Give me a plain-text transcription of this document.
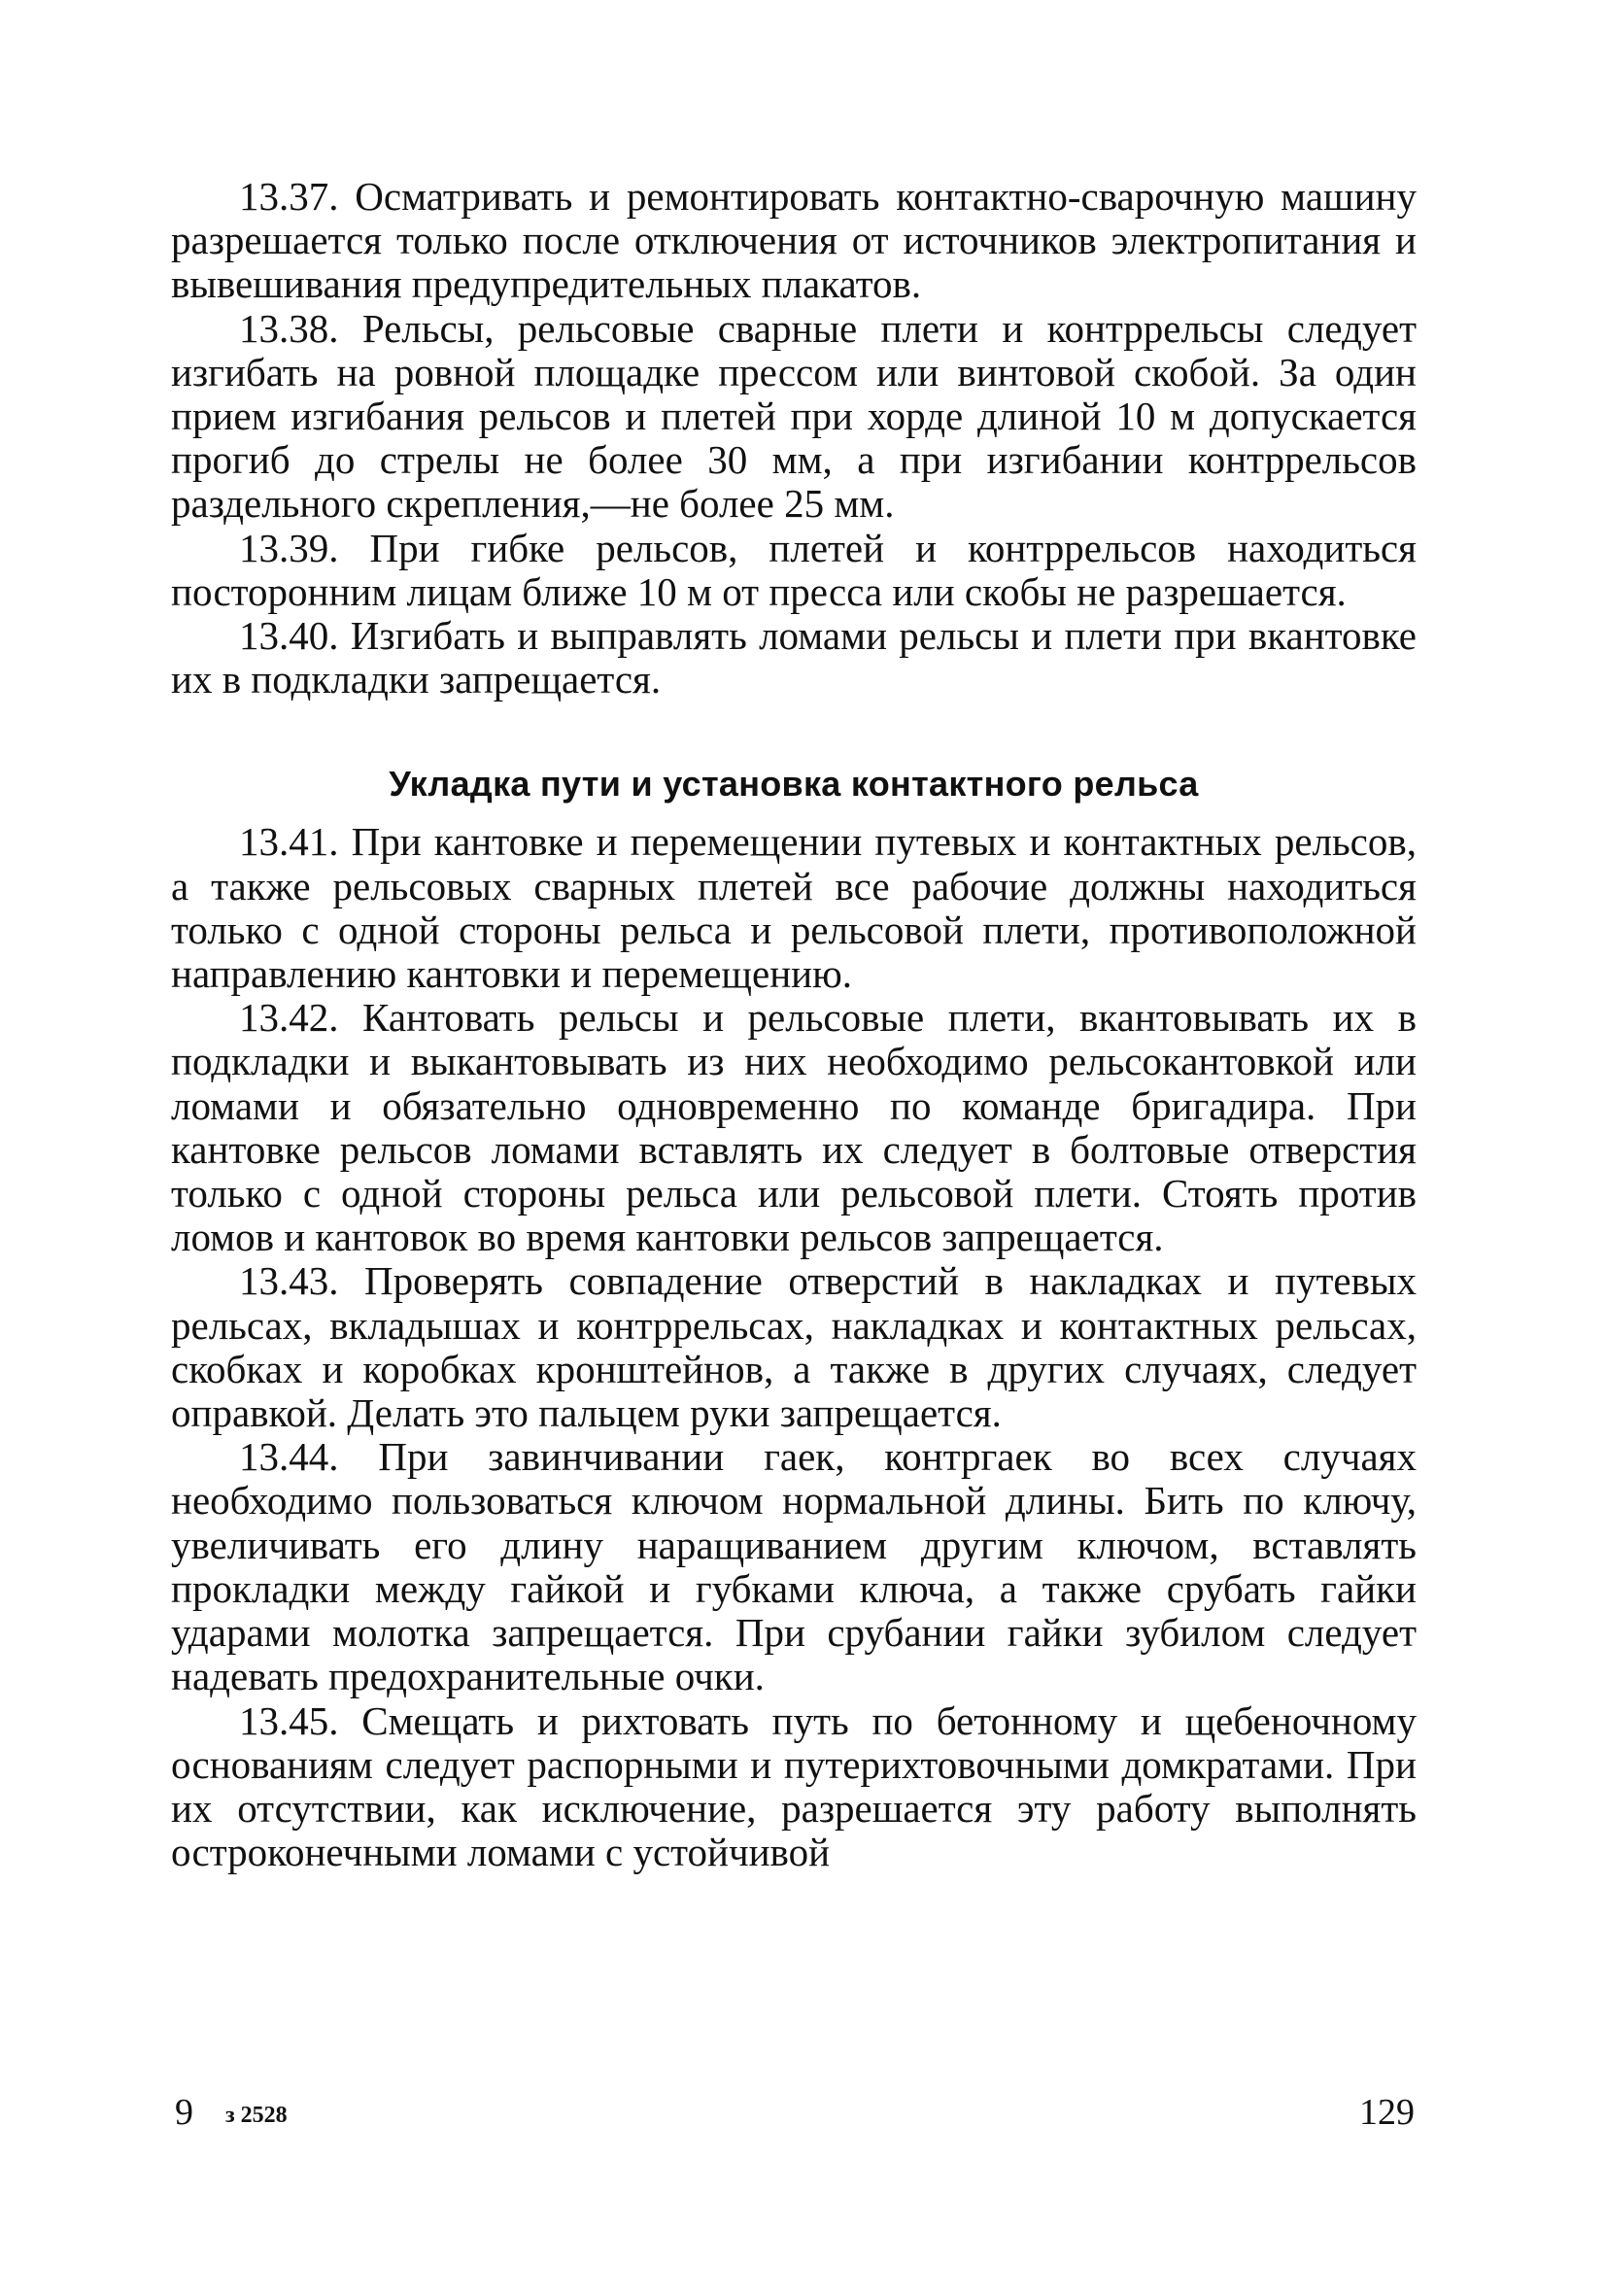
13.37. Осматривать и ремонтировать контактно-сварочную машину разрешается только после отключения от источников электропитания и вывешивания предупредительных плакатов.

13.38. Рельсы, рельсовые сварные плети и контррельсы следует изгибать на ровной площадке прессом или винтовой скобой. За один прием изгибания рельсов и плетей при хорде длиной 10 м допускается прогиб до стрелы не более 30 мм, а при изгибании контррельсов раздельного скрепления,—не более 25 мм.

13.39. При гибке рельсов, плетей и контррельсов находиться посторонним лицам ближе 10 м от пресса или скобы не разрешается.

13.40. Изгибать и выправлять ломами рельсы и плети при вкантовке их в подкладки запрещается.

Укладка пути и установка контактного рельса

13.41. При кантовке и перемещении путевых и контактных рельсов, а также рельсовых сварных плетей все рабочие должны находиться только с одной стороны рельса и рельсовой плети, противоположной направлению кантовки и перемещению.

13.42. Кантовать рельсы и рельсовые плети, вкантовывать их в подкладки и выкантовывать из них необходимо рельсокантовкой или ломами и обязательно одновременно по команде бригадира. При кантовке рельсов ломами вставлять их следует в болтовые отверстия только с одной стороны рельса или рельсовой плети. Стоять против ломов и кантовок во время кантовки рельсов запрещается.

13.43. Проверять совпадение отверстий в накладках и путевых рельсах, вкладышах и контррельсах, накладках и контактных рельсах, скобках и коробках кронштейнов, а также в других случаях, следует оправкой. Делать это пальцем руки запрещается.

13.44. При завинчивании гаек, контргаек во всех случаях необходимо пользоваться ключом нормальной длины. Бить по ключу, увеличивать его длину наращиванием другим ключом, вставлять прокладки между гайкой и губками ключа, а также срубать гайки ударами молотка запрещается. При срубании гайки зубилом следует надевать предохранительные очки.

13.45. Смещать и рихтовать путь по бетонному и щебеночному основаниям следует распорными и путерихтовочными домкратами. При их отсутствии, как исключение, разрешается эту работу выполнять остроконечными ломами с устойчивой

9 з 2528	129
